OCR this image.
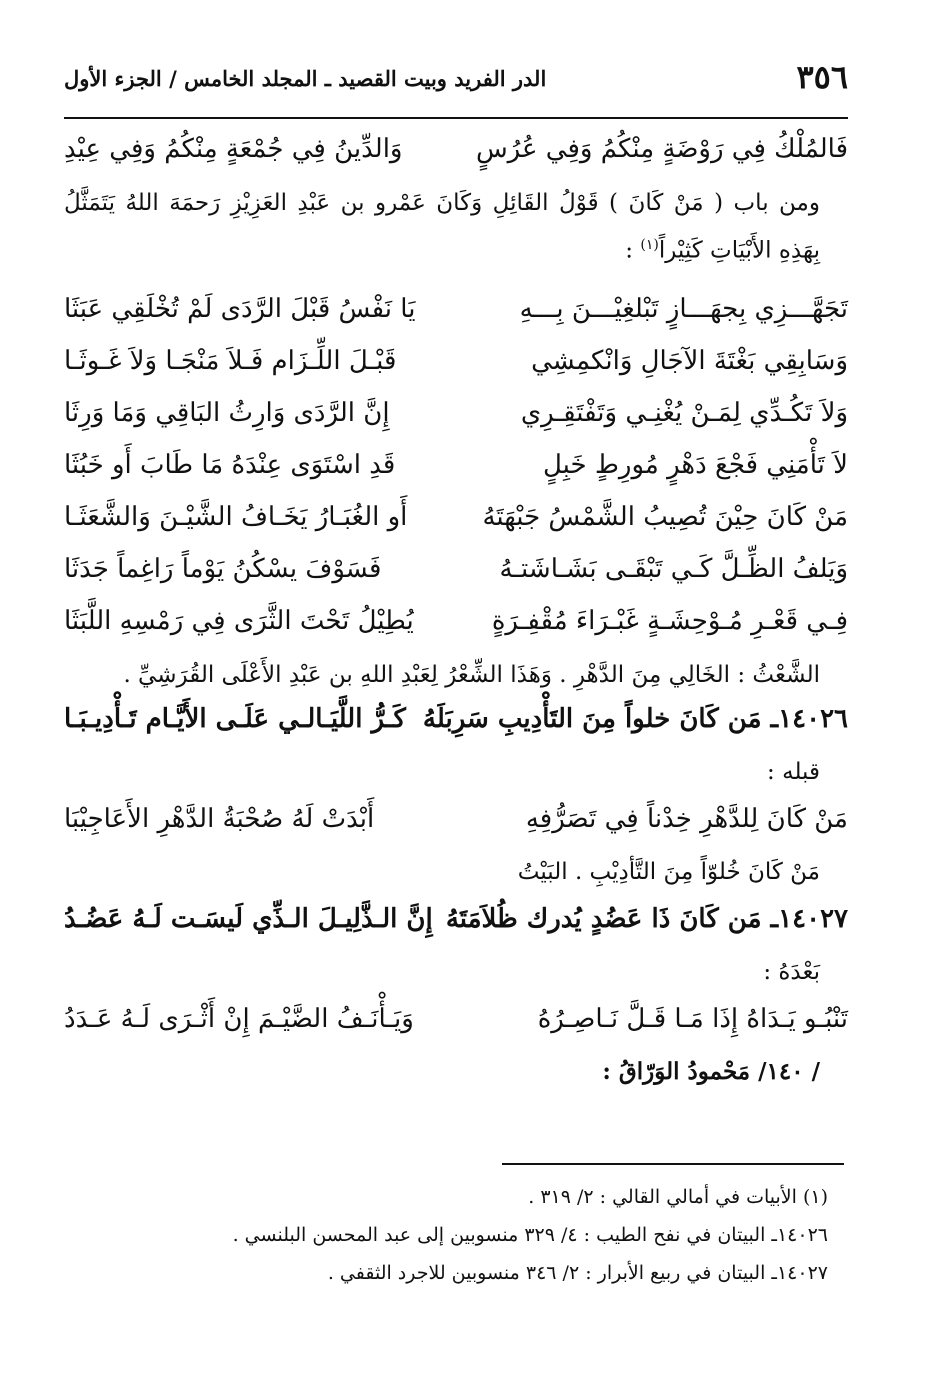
٣٥٦
الدر الفريد وبيت القصيد ـ المجلد الخامس / الجزء الأول
فَالمُلْكُ فِي رَوْضَةٍ مِنْكُمُ وَفِي عُرُسٍ
وَالدِّينُ فِي جُمْعَةٍ مِنْكُمُ وَفِي عِيْدِ

ومن باب ( مَنْ كَانَ ) قَوْلُ القَائِلِ وَكَانَ عَمْرو بن عَبْدِ العَزِيْزِ رَحمَهَ اللهُ يَتَمَثَّلُ بِهَذِهِ الأَبْيَاتِ كَثِيْراً$^{(١)}$ :

تَجَهَّـــزِي بِجهَـــازٍ تَبْلغِيْـــنَ بِـــهِ
يَا نَفْسُ قَبْلَ الرَّدَى لَمْ تُخْلَقِي عَبَثَا
وَسَابِقِي بَغْتَةَ الآجَالِ وَانْكمِشِي
قَبْـلَ اللِّـزَام فَـلاَ مَنْجَـا وَلاَ غَـوثَـا
وَلاَ تَكُـدِّي لِمَـنْ يُغْنِـي وَتَفْتَقِـرِي
إِنَّ الرَّدَى وَارِثُ البَاقِي وَمَا وَرِثَا
لاَ تَأْمَنِي فَجْعَ دَهْرٍ مُورِطٍ خَبِلٍ
قَدِ اسْتَوَى عِنْدَهُ مَا طَابَ أَو خَبُثَا
مَنْ كَانَ حِيْنَ تُصِيبُ الشَّمْسُ جَبْهَتَهُ
أَو الغُبَـارُ يَخَـافُ الشَّيْـنَ وَالشَّعَثَـا
وَيَلفُ الظِّـلَّ كَـي تَبْقَـى بَشَـاشَتـهُ
فَسَوْفَ يسْكُنُ يَوْماً رَاغِماً جَدَثَا
فِـي قَعْـرِ مُـوْحِشَـةٍ غَبْـرَاءَ مُقْفِـرَةٍ
يُطِيْلُ تَحْتَ الثَّرَى فِي رَمْسِهِ اللَّبَثَا

الشَّعْثُ : الخَالِي مِنَ الدَّهْرِ . وَهَذَا الشِّعْرُ لِعَبْدِ اللهِ بن عَبْدِ الأَعْلَى القُرَشِيِّ .

١٤٠٢٦ـ مَن كَانَ خلواً مِنَ التَأْدِيبِ سَرِبَلَهُ
كَـرُّ اللَّيَـالـي عَلَـى الأَيَّـام تَـأْدِيـبَـا
قبله :
مَنْ كَانَ لِلدَّهْرِ خِدْناً فِي تَصَرُّفِهِ
أَبْدَتْ لَهُ صُحْبَةُ الدَّهْرِ الأَعَاجِيْبَا
مَنْ كَانَ خُلوّاً مِنَ التَّأدِيْبِ . البَيْتُ
١٤٠٢٧ـ مَن كَانَ ذَا عَضُدٍ يُدرك ظُلاَمَتَهُ
إِنَّ الـذَّلِيـلَ الـذِّي لَيسَـت لَـهُ عَضُـدُ
بَعْدَهُ :
تَنْبُـو يَـدَاهُ إِذَا مَـا قَـلَّ نَـاصِـرُهُ
وَيَـأْنَـفُ الضَّيْـمَ إِنْ أَثْـرَى لَـهُ عَـدَدُ
/ ١٤٠/ مَحْمودُ الوَرّاقُ :
(١) الأبيات في أمالي القالي : ٢/ ٣١٩ .
١٤٠٢٦ـ البيتان في نفح الطيب : ٤/ ٣٢٩ منسوبين إلى عبد المحسن البلنسي .
١٤٠٢٧ـ البيتان في ربيع الأبرار : ٢/ ٣٤٦ منسوبين للاجرد الثقفي .
